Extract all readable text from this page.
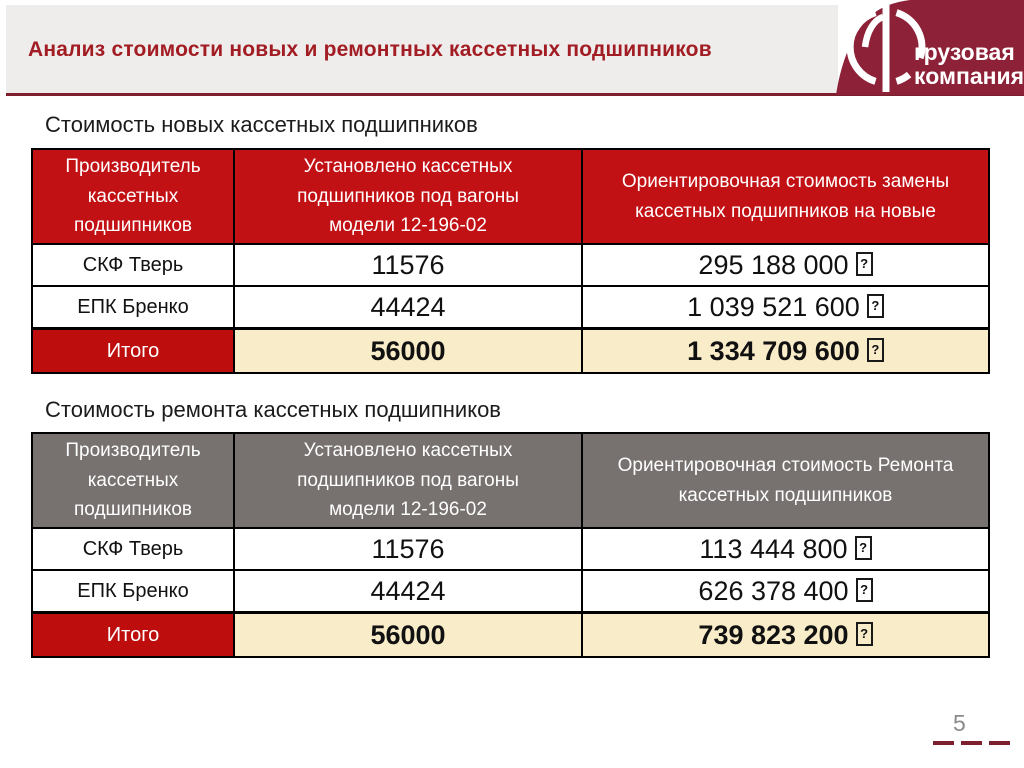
Анализ стоимости новых и ремонтных кассетных подшипников	грузовая
компания
Стоимость новых кассетных подшипников
Производитель кассетных подшипников	Установлено кассетных подшипников под вагоны модели 12-196-02	Ориентировочная стоимость замены кассетных подшипников на новые
СКФ Тверь	11576	295 188 000 ?
ЕПК Бренко	44424	1 039 521 600 ?
Итого	56000	1 334 709 600 ?
Стоимость ремонта кассетных подшипников
Производитель кассетных подшипников	Установлено кассетных подшипников под вагоны модели 12-196-02	Ориентировочная стоимость Ремонта кассетных подшипников
СКФ Тверь	11576	113 444 800 ?
ЕПК Бренко	44424	626 378 400 ?
Итого	56000	739 823 200 ?
5
